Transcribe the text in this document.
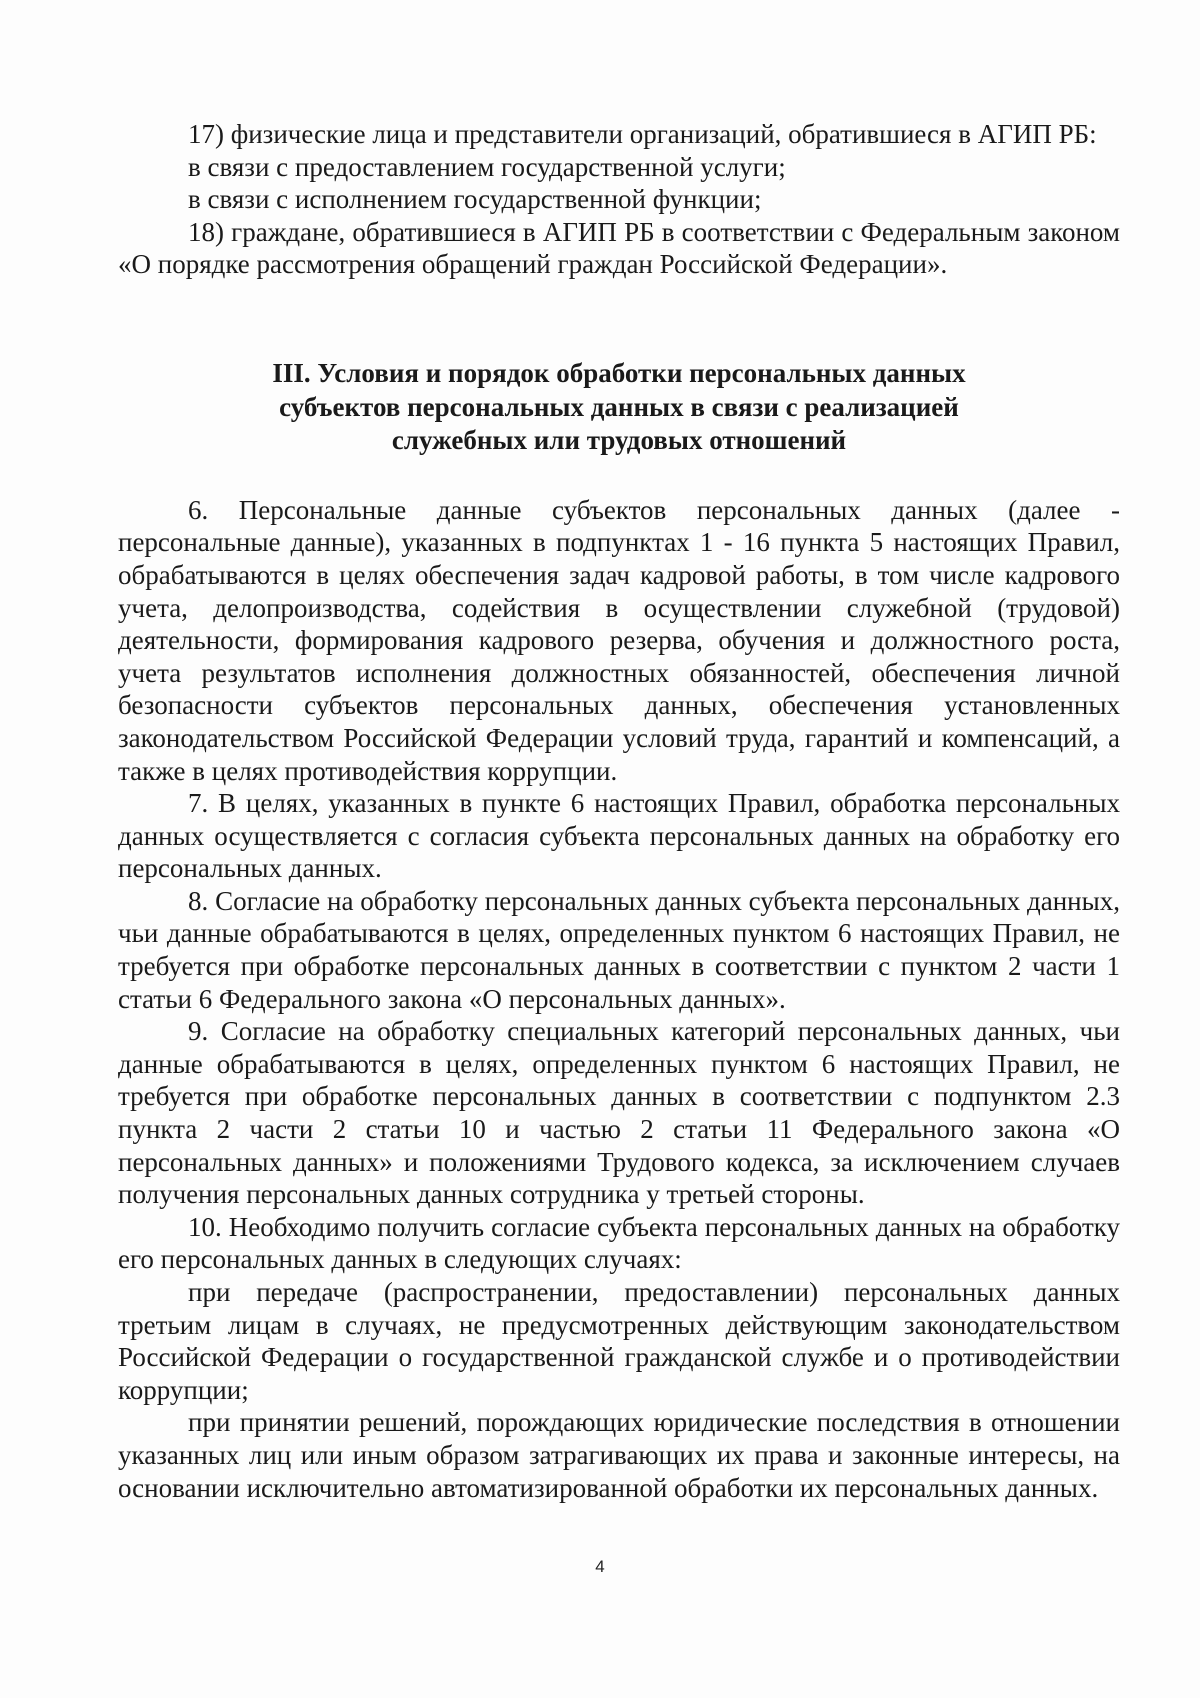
17) физические лица и представители организаций, обратившиеся в АГИП РБ:

в связи с предоставлением государственной услуги;

в связи с исполнением государственной функции;

18) граждане, обратившиеся в АГИП РБ в соответствии с Федеральным законом «О порядке рассмотрения обращений граждан Российской Федерации».

III. Условия и порядок обработки персональных данных
субъектов персональных данных в связи с реализацией
служебных или трудовых отношений

6. Персональные данные субъектов персональных данных (далее - персональные данные), указанных в подпунктах 1 - 16 пункта 5 настоящих Правил, обрабатываются в целях обеспечения задач кадровой работы, в том числе кадрового учета, делопроизводства, содействия в осуществлении служебной (трудовой) деятельности, формирования кадрового резерва, обучения и должностного роста, учета результатов исполнения должностных обязанностей, обеспечения личной безопасности субъектов персональных данных, обеспечения установленных законодательством Российской Федерации условий труда, гарантий и компенсаций, а также в целях противодействия коррупции.

7. В целях, указанных в пункте 6 настоящих Правил, обработка персональных данных осуществляется с согласия субъекта персональных данных на обработку его персональных данных.

8. Согласие на обработку персональных данных субъекта персональных данных, чьи данные обрабатываются в целях, определенных пунктом 6 настоящих Правил, не требуется при обработке персональных данных в соответствии с пунктом 2 части 1 статьи 6 Федерального закона «О персональных данных».

9. Согласие на обработку специальных категорий персональных данных, чьи данные обрабатываются в целях, определенных пунктом 6 настоящих Правил, не требуется при обработке персональных данных в соответствии с подпунктом 2.3 пункта 2 части 2 статьи 10 и частью 2 статьи 11 Федерального закона «О персональных данных» и положениями Трудового кодекса, за исключением случаев получения персональных данных сотрудника у третьей стороны.

10. Необходимо получить согласие субъекта персональных данных на обработку его персональных данных в следующих случаях:

при передаче (распространении, предоставлении) персональных данных третьим лицам в случаях, не предусмотренных действующим законодательством Российской Федерации о государственной гражданской службе и о противодействии коррупции;

при принятии решений, порождающих юридические последствия в отношении указанных лиц или иным образом затрагивающих их права и законные интересы, на основании исключительно автоматизированной обработки их персональных данных.

4
